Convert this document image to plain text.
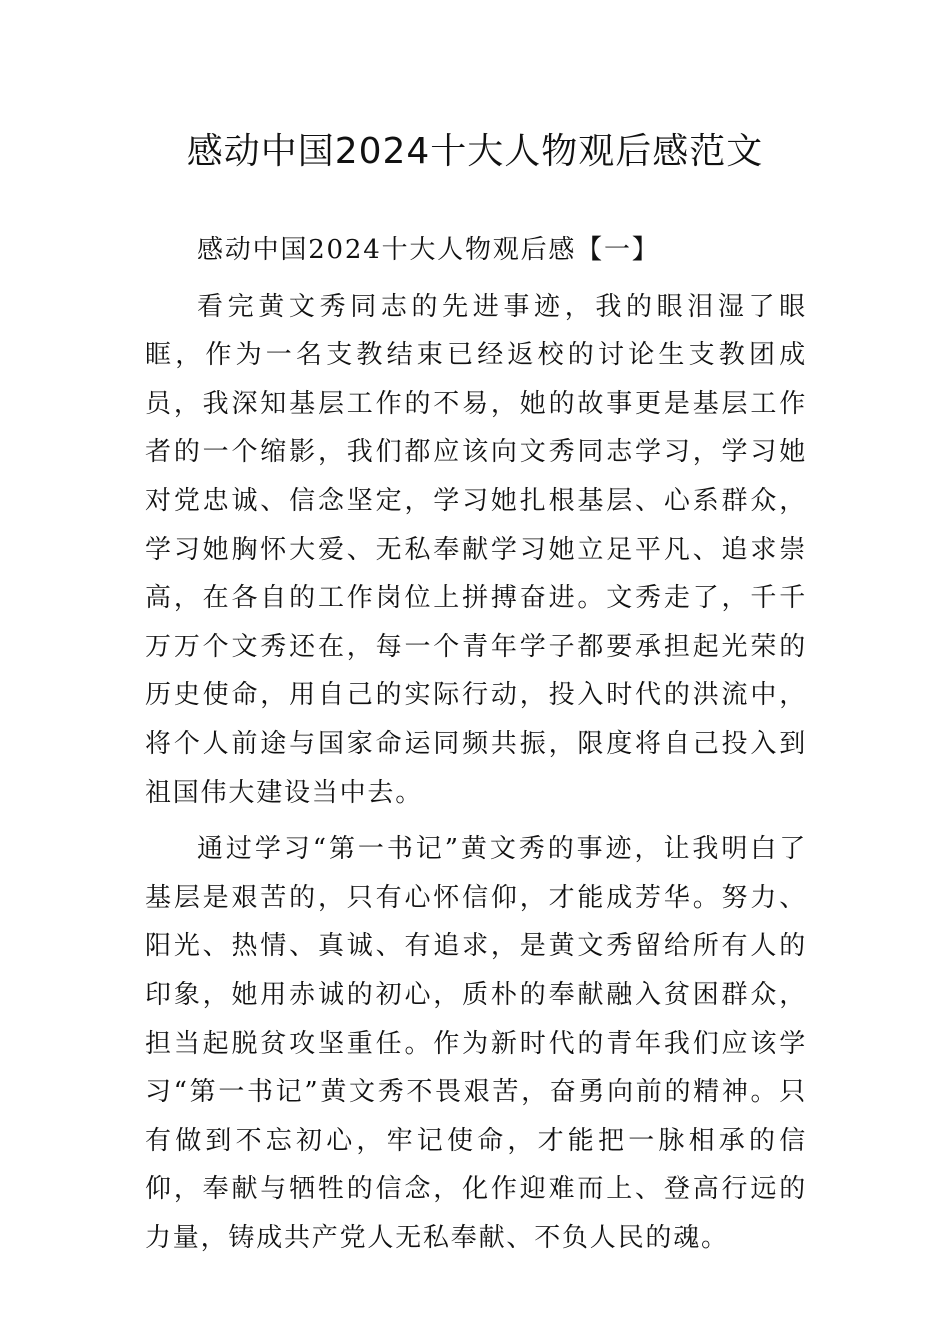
感动中国2024十大人物观后感范文

感动中国2024十大人物观后感【一】

看完黄文秀同志的先进事迹，我的眼泪湿了眼眶，作为一名支教结束已经返校的讨论生支教团成员，我深知基层工作的不易，她的故事更是基层工作者的一个缩影，我们都应该向文秀同志学习，学习她对党忠诚、信念坚定，学习她扎根基层、心系群众，学习她胸怀大爱、无私奉献学习她立足平凡、追求崇高，在各自的工作岗位上拼搏奋进。文秀走了，千千万万个文秀还在，每一个青年学子都要承担起光荣的历史使命，用自己的实际行动，投入时代的洪流中，将个人前途与国家命运同频共振，限度将自己投入到祖国伟大建设当中去。

通过学习“第一书记”黄文秀的事迹，让我明白了基层是艰苦的，只有心怀信仰，才能成芳华。努力、阳光、热情、真诚、有追求，是黄文秀留给所有人的印象，她用赤诚的初心，质朴的奉献融入贫困群众，担当起脱贫攻坚重任。作为新时代的青年我们应该学习“第一书记”黄文秀不畏艰苦，奋勇向前的精神。只有做到不忘初心，牢记使命，才能把一脉相承的信仰，奉献与牺牲的信念，化作迎难而上、登高行远的力量，铸成共产党人无私奉献、不负人民的魂。
